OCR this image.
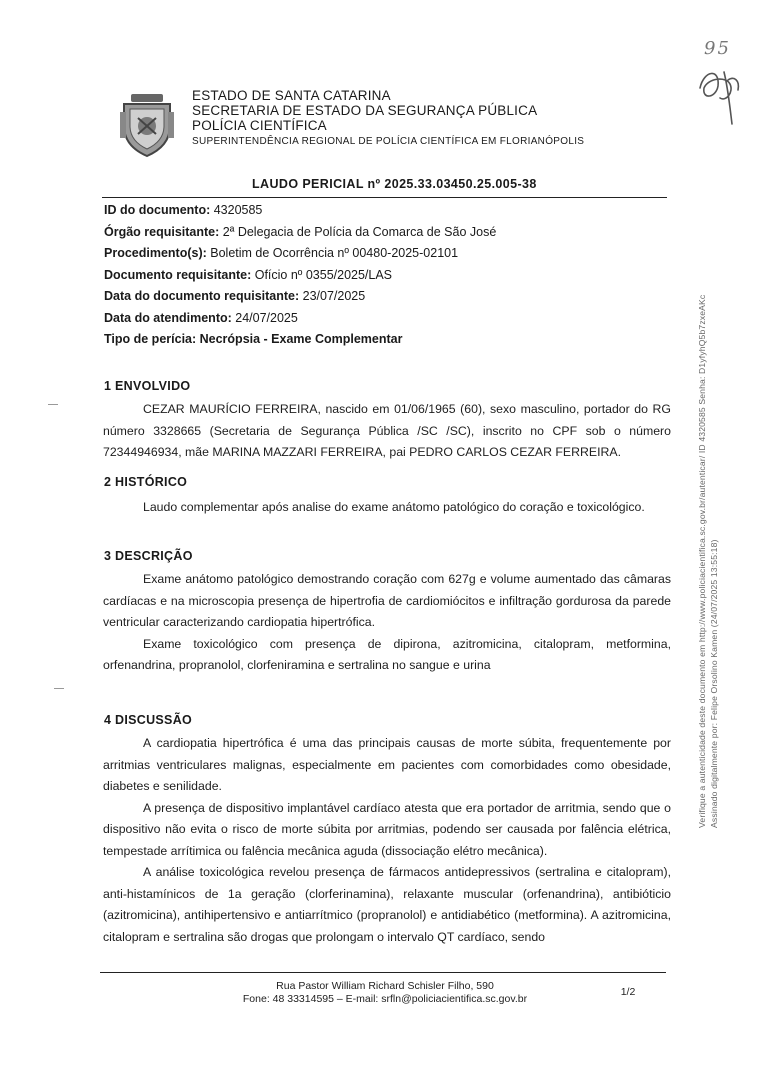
ESTADO DE SANTA CATARINA
SECRETARIA DE ESTADO DA SEGURANÇA PÚBLICA
POLÍCIA CIENTÍFICA
SUPERINTENDÊNCIA REGIONAL DE POLÍCIA CIENTÍFICA EM FLORIANÓPOLIS
95
LAUDO PERICIAL nº 2025.33.03450.25.005-38
ID do documento: 4320585
Órgão requisitante: 2ª Delegacia de Polícia da Comarca de São José
Procedimento(s): Boletim de Ocorrência nº 00480-2025-02101
Documento requisitante: Ofício nº 0355/2025/LAS
Data do documento requisitante: 23/07/2025
Data do atendimento: 24/07/2025
Tipo de perícia: Necrópsia - Exame Complementar
1 ENVOLVIDO
CEZAR MAURÍCIO FERREIRA, nascido em 01/06/1965 (60), sexo masculino, portador do RG número 3328665 (Secretaria de Segurança Pública /SC /SC), inscrito no CPF sob o número 72344946934, mãe MARINA MAZZARI FERREIRA, pai PEDRO CARLOS CEZAR FERREIRA.
2 HISTÓRICO
Laudo complementar após analise do exame anátomo patológico do coração e toxicológico.
3 DESCRIÇÃO
Exame anátomo patológico demostrando coração com 627g e volume aumentado das câmaras cardíacas e na microscopia presença de hipertrofia de cardiomiócitos e infiltração gordurosa da parede ventricular caracterizando cardiopatia hipertrófica.
Exame toxicológico com presença de dipirona, azitromicina, citalopram, metformina, orfenandrina, propranolol, clorfeniramina e sertralina no sangue e urina
4 DISCUSSÃO
A cardiopatia hipertrófica é uma das principais causas de morte súbita, frequentemente por arritmias ventriculares malignas, especialmente em pacientes com comorbidades como obesidade, diabetes e senilidade.
A presença de dispositivo implantável cardíaco atesta que era portador de arritmia, sendo que o dispositivo não evita o risco de morte súbita por arritmias, podendo ser causada por falência elétrica, tempestade arrítimica ou falência mecânica aguda (dissociação elétro mecânica).
A análise toxicológica revelou presença de fármacos antidepressivos (sertralina e citalopram), anti-histamínicos de 1a geração (clorferinamina), relaxante muscular (orfenandrina), antibióticio (azitromicina), antihipertensivo e antiarrítmico (propranolol) e antidiabético (metformina). A azitromicina, citalopram e sertralina são drogas que prolongam o intervalo QT cardíaco, sendo
Rua Pastor William Richard Schisler Filho, 590
Fone: 48 33314595 – E-mail: srfln@policiacientifica.sc.gov.br
1/2
Verifique a autenticidade deste documento em http://www.policiacientifica.sc.gov.br/autenticar/ ID 4320585 Senha: D1yfyhQ5b7zxeAKc Assinado digitalmente por: Felipe Orsolino Kamen (24/07/2025 13:55:18)
